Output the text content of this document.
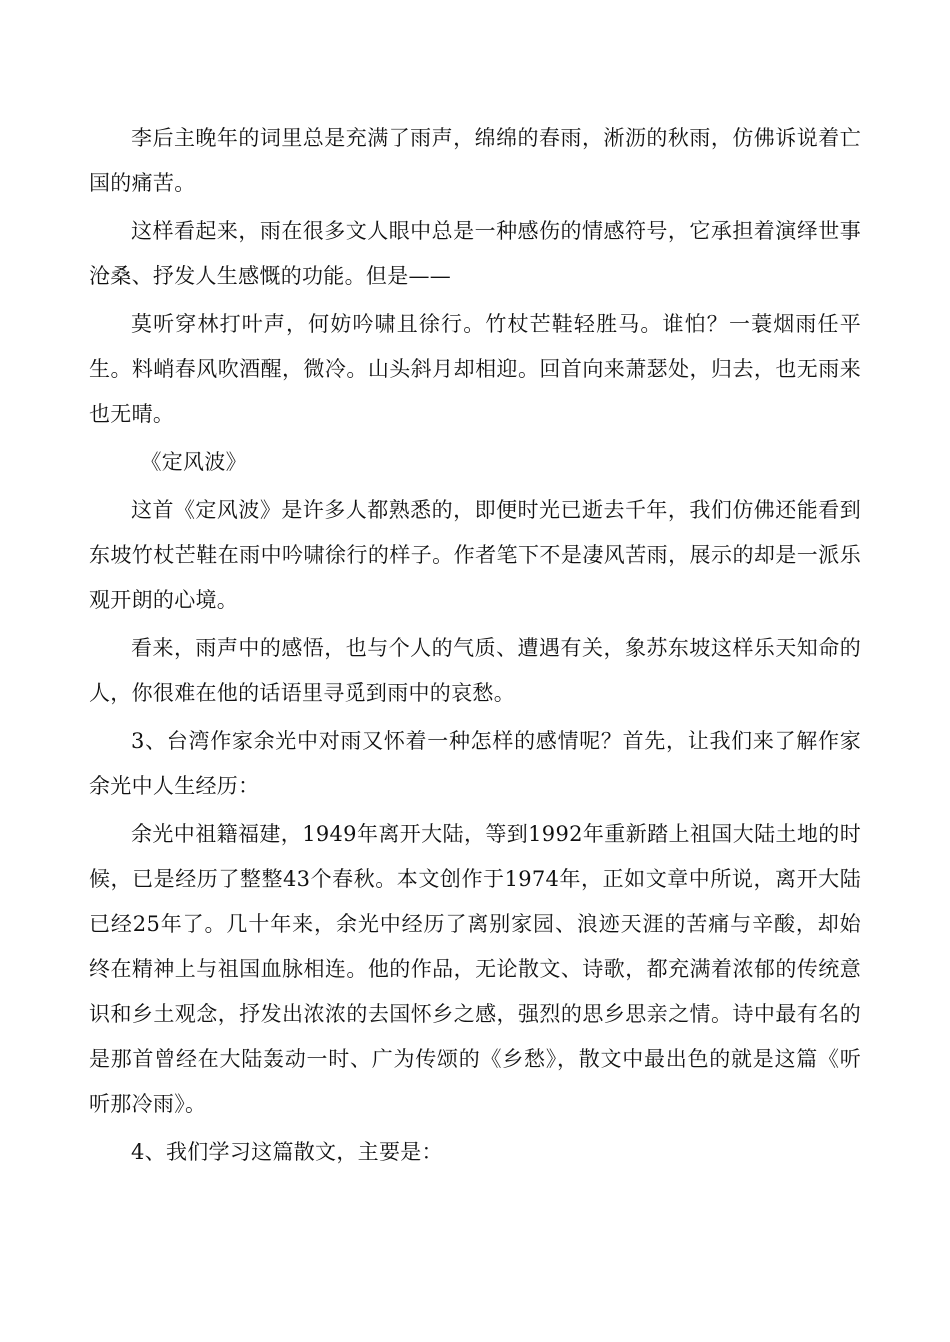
李后主晚年的词里总是充满了雨声，绵绵的春雨，淅沥的秋雨，仿佛诉说着亡国的痛苦。

这样看起来，雨在很多文人眼中总是一种感伤的情感符号，它承担着演绎世事沧桑、抒发人生感慨的功能。但是——

莫听穿林打叶声，何妨吟啸且徐行。竹杖芒鞋轻胜马。谁怕？一蓑烟雨任平生。料峭春风吹酒醒，微冷。山头斜月却相迎。回首向来萧瑟处，归去，也无雨来也无晴。

《定风波》

这首《定风波》是许多人都熟悉的，即便时光已逝去千年，我们仿佛还能看到东坡竹杖芒鞋在雨中吟啸徐行的样子。作者笔下不是凄风苦雨，展示的却是一派乐观开朗的心境。

看来，雨声中的感悟，也与个人的气质、遭遇有关，象苏东坡这样乐天知命的人，你很难在他的话语里寻觅到雨中的哀愁。

3、台湾作家余光中对雨又怀着一种怎样的感情呢？首先，让我们来了解作家余光中人生经历：

余光中祖籍福建，1949年离开大陆，等到1992年重新踏上祖国大陆土地的时候，已是经历了整整43个春秋。本文创作于1974年，正如文章中所说，离开大陆已经25年了。几十年来，余光中经历了离别家园、浪迹天涯的苦痛与辛酸，却始终在精神上与祖国血脉相连。他的作品，无论散文、诗歌，都充满着浓郁的传统意识和乡土观念，抒发出浓浓的去国怀乡之感，强烈的思乡思亲之情。诗中最有名的是那首曾经在大陆轰动一时、广为传颂的《乡愁》，散文中最出色的就是这篇《听听那冷雨》。

4、我们学习这篇散文，主要是：
